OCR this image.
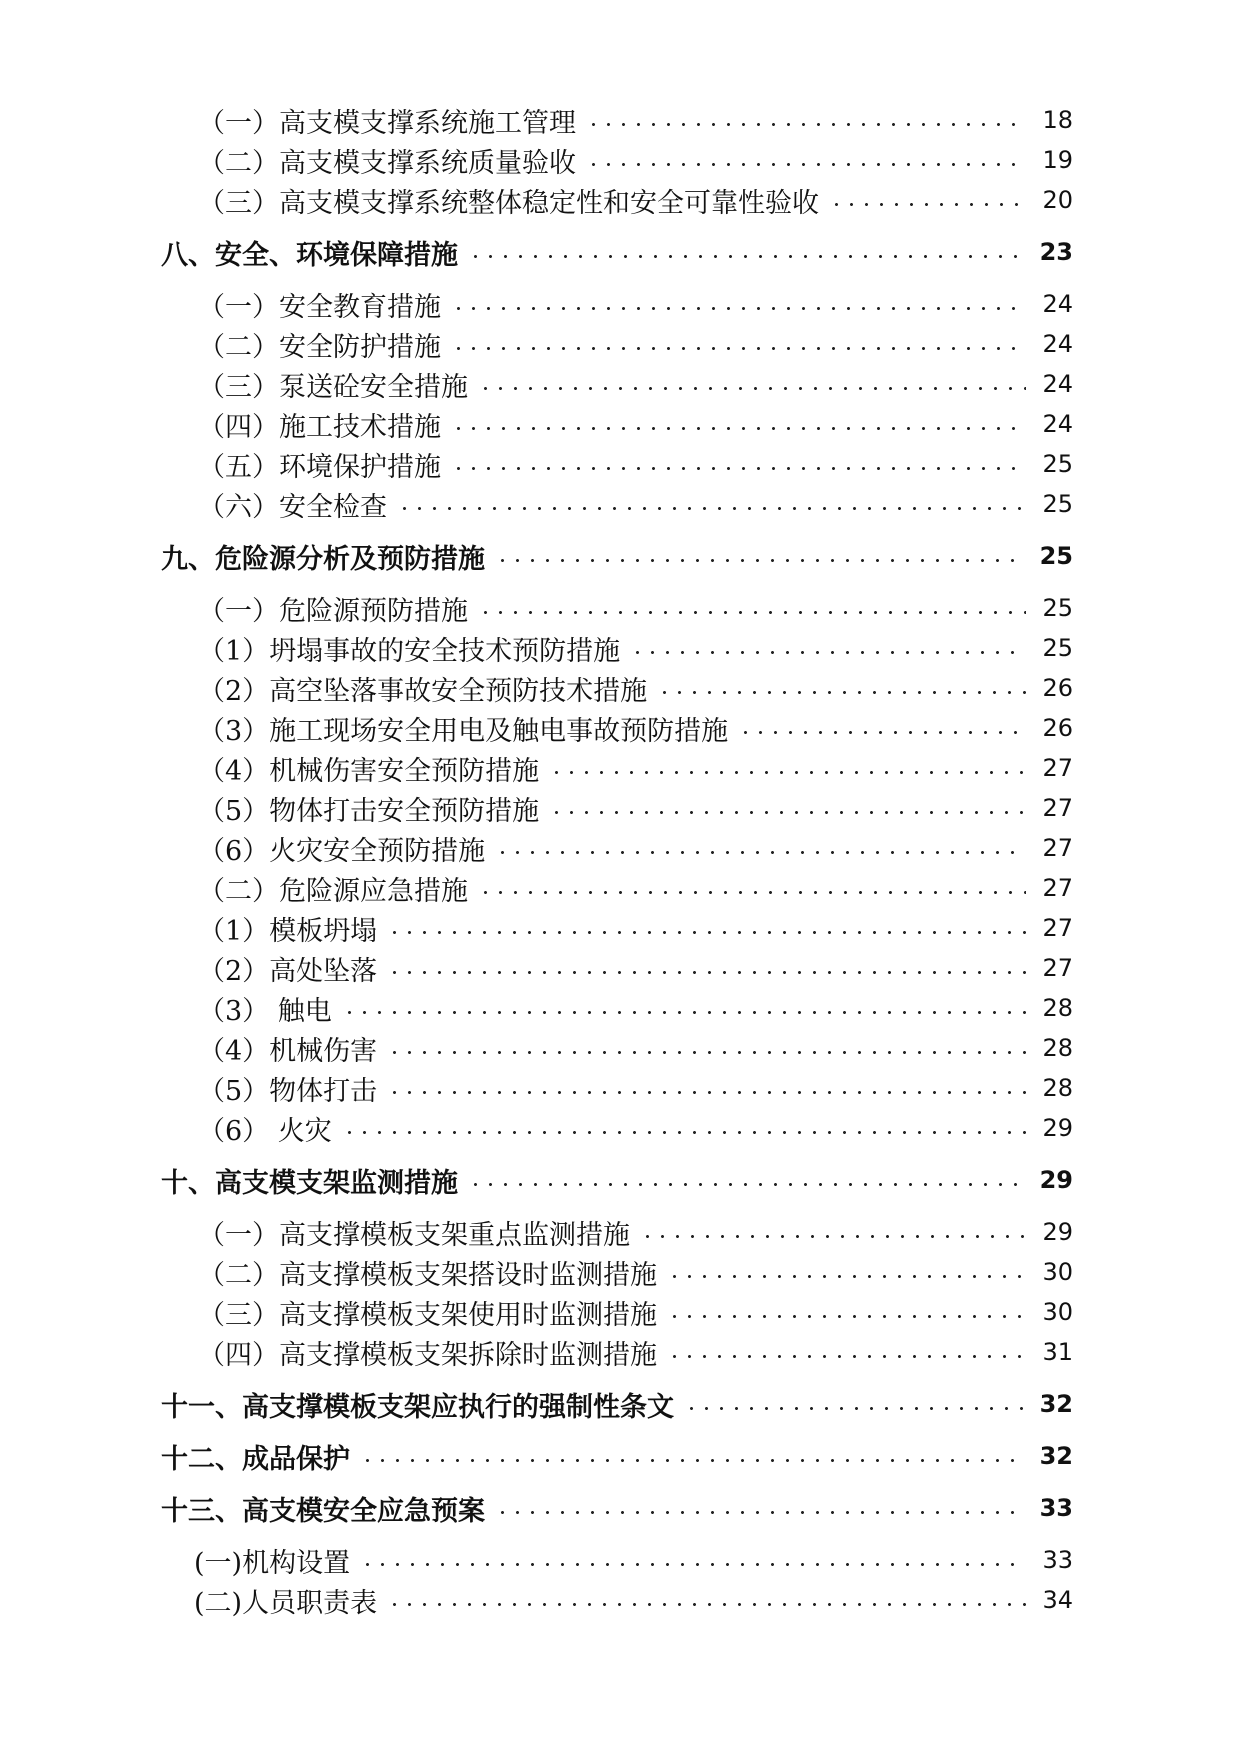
（一）高支模支撑系统施工管理	18
（二）高支模支撑系统质量验收	19
（三）高支模支撑系统整体稳定性和安全可靠性验收	20
八、安全、环境保障措施	23
（一）安全教育措施	24
（二）安全防护措施	24
（三）泵送砼安全措施	24
（四）施工技术措施	24
（五）环境保护措施	25
（六）安全检查	25
九、危险源分析及预防措施	25
（一）危险源预防措施	25
（1）坍塌事故的安全技术预防措施	25
（2）高空坠落事故安全预防技术措施	26
（3）施工现场安全用电及触电事故预防措施	26
（4）机械伤害安全预防措施	27
（5）物体打击安全预防措施	27
（6）火灾安全预防措施	27
（二）危险源应急措施	27
（1）模板坍塌	27
（2）高处坠落	27
（3） 触电	28
（4）机械伤害	28
（5）物体打击	28
（6） 火灾	29
十、高支模支架监测措施	29
（一）高支撑模板支架重点监测措施	29
（二）高支撑模板支架搭设时监测措施	30
（三）高支撑模板支架使用时监测措施	30
（四）高支撑模板支架拆除时监测措施	31
十一、高支撑模板支架应执行的强制性条文	32
十二、成品保护	32
十三、高支模安全应急预案	33
(一)机构设置	33
(二)人员职责表	34
